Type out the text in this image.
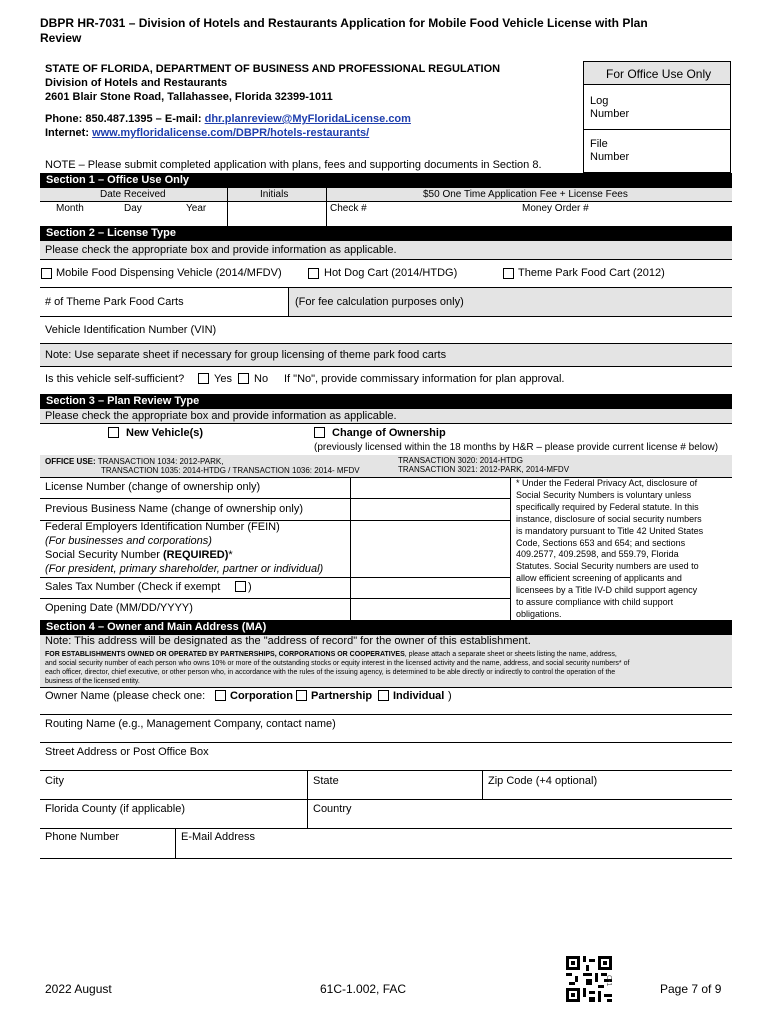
DBPR HR-7031 – Division of Hotels and Restaurants Application for Mobile Food Vehicle License with Plan
Review
STATE OF FLORIDA, DEPARTMENT OF BUSINESS AND PROFESSIONAL REGULATION
Division of Hotels and Restaurants
2601 Blair Stone Road, Tallahassee, Florida 32399-1011
Phone: 850.487.1395 – E-mail: dhr.planreview@MyFloridaLicense.com
Internet: www.myfloridalicense.com/DBPR/hotels-restaurants/
NOTE – Please submit completed application with plans, fees and supporting documents in Section 8.
For Office Use Only
Log
Number
File
Number
Section 1 – Office Use Only
Date Received	Initials	$50 One Time Application Fee + License Fees
Month	Day	Year	Check #	Money Order #
Section 2 – License Type
Please check the appropriate box and provide information as applicable.
Mobile Food Dispensing Vehicle (2014/MFDV)	Hot Dog Cart (2014/HTDG)	Theme Park Food Cart (2012)
# of Theme Park Food Carts	(For fee calculation purposes only)
Vehicle Identification Number (VIN)
Note: Use separate sheet if necessary for group licensing of theme park food carts
Is this vehicle self-sufficient?	Yes No If "No", provide commissary information for plan approval.
Section 3 – Plan Review Type
Please check the appropriate box and provide information as applicable.
New Vehicle(s)	Change of Ownership
(previously licensed within the 18 months by H&R – please provide current license # below)
OFFICE USE: TRANSACTION 1034: 2012-PARK,
TRANSACTION 1035: 2014-HTDG / TRANSACTION 1036: 2014- MFDV
TRANSACTION 3020: 2014-HTDG
TRANSACTION 3021: 2012-PARK, 2014-MFDV
License Number (change of ownership only)
Previous Business Name (change of ownership only)
Federal Employers Identification Number (FEIN)
(For businesses and corporations)
Social Security Number (REQUIRED)*
(For president, primary shareholder, partner or individual)
Sales Tax Number (Check if exempt	)
Opening Date (MM/DD/YYYY)
* Under the Federal Privacy Act, disclosure of
Social Security Numbers is voluntary unless
specifically required by Federal statute. In this
instance, disclosure of social security numbers
is mandatory pursuant to Title 42 United States
Code, Sections 653 and 654; and sections
409.2577, 409.2598, and 559.79, Florida
Statutes. Social Security numbers are used to
allow efficient screening of applicants and
licensees by a Title IV-D child support agency
to assure compliance with child support
obligations.
Section 4 – Owner and Main Address (MA)
Note: This address will be designated as the "address of record" for the owner of this establishment.
FOR ESTABLISHMENTS OWNED OR OPERATED BY PARTNERSHIPS, CORPORATIONS OR COOPERATIVES, please attach a separate sheet or sheets listing the name, address,
and social security number of each person who owns 10% or more of the outstanding stocks or equity interest in the licensed activity and the name, address, and social security numbers* of
each officer, director, chief executive, or other person who, in accordance with the rules of the issuing agency, is determined to be able directly or indirectly to control the operation of the
business of the licensed entity.
Owner Name (please check one: Corporation Partnership Individual )
Routing Name (e.g., Management Company, contact name)
Street Address or Post Office Box
City	State	Zip Code (+4 optional)
Florida County (if applicable)	Country
Phone Number	E-Mail Address
2022 August	61C-1.002, FAC	Page 7 of 9
C-1
